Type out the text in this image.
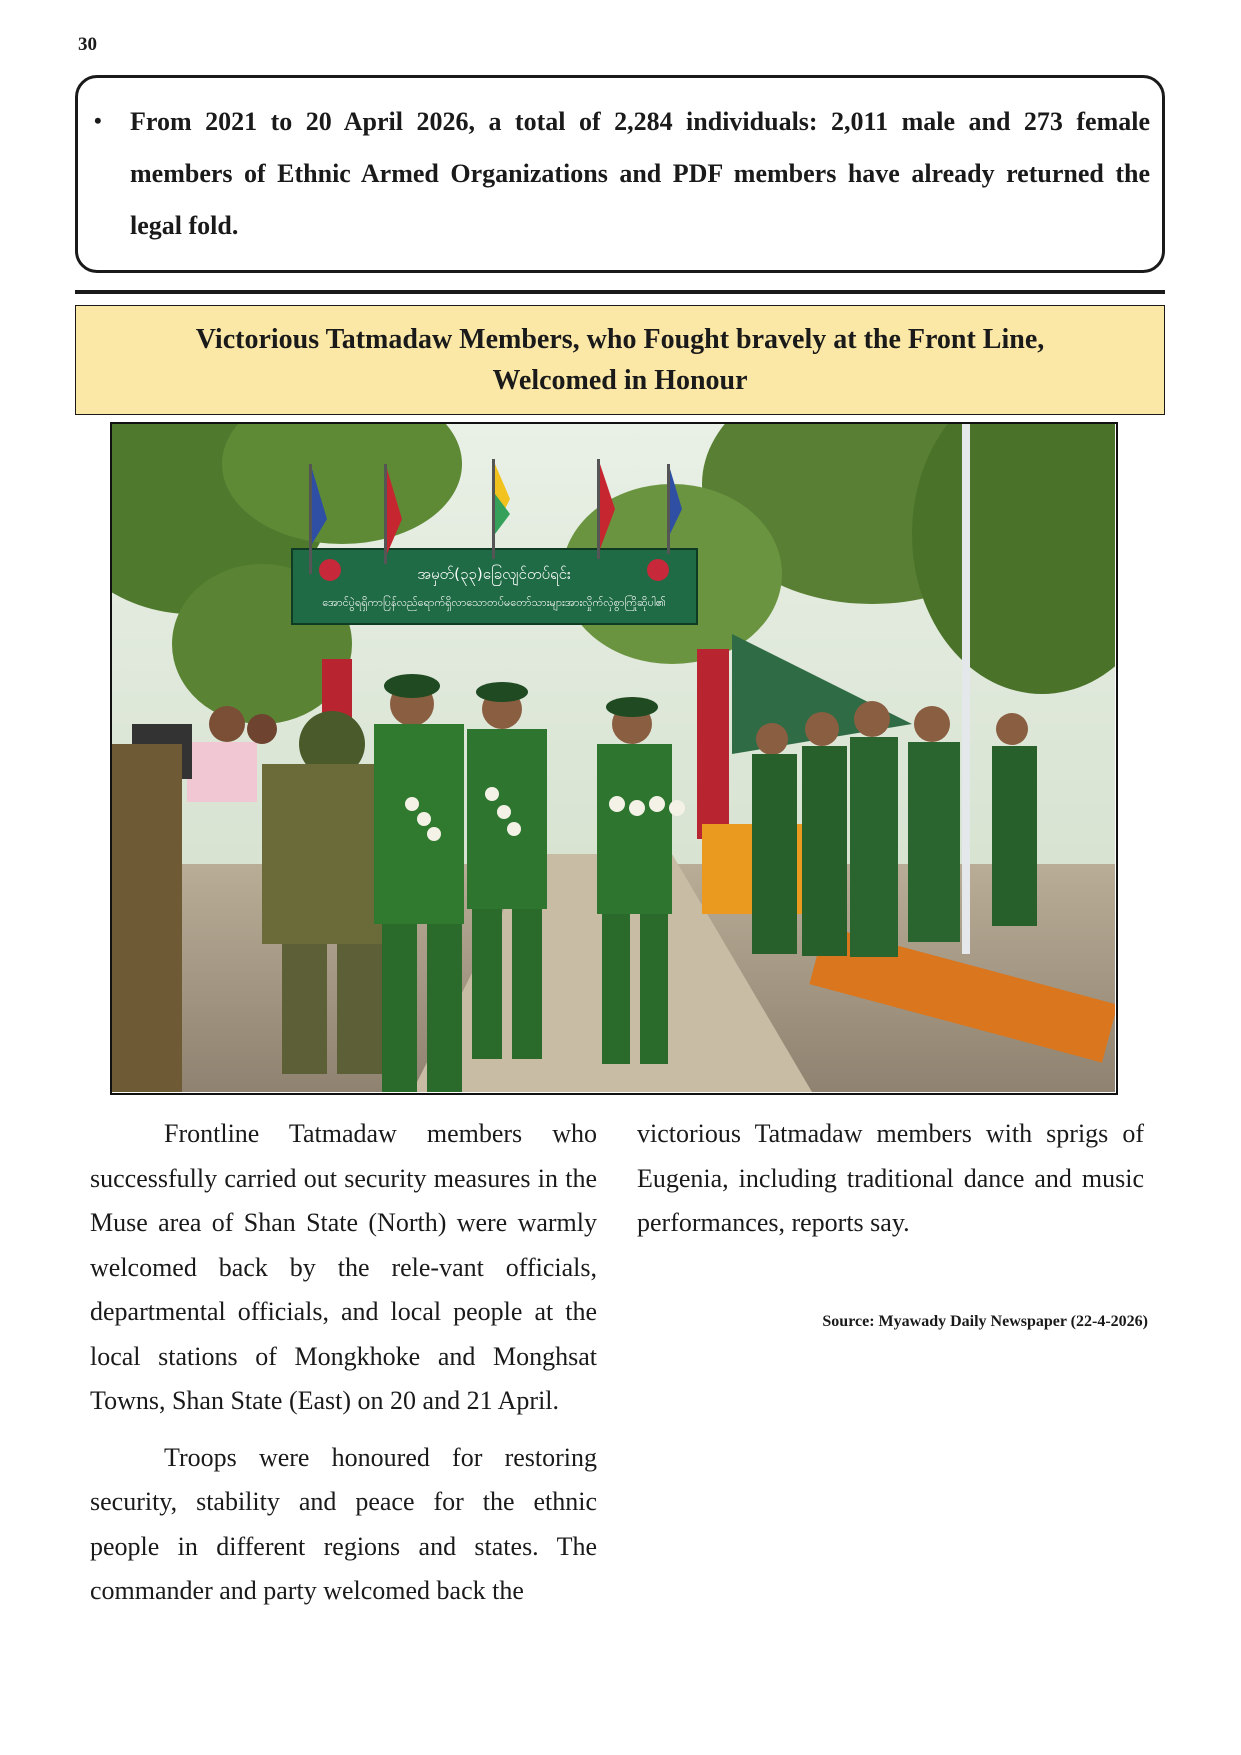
30
• From 2021 to 20 April 2026, a total of 2,284 individuals: 2,011 male and 273 female members of Ethnic Armed Organizations and PDF members have already returned the legal fold.

Victorious Tatmadaw Members, who Fought bravely at the Front Line,
Welcomed in Honour
အမှတ်(၃၃)ခြေလျင်တပ်ရင်း
အောင်ပွဲရရှိကာပြန်လည်ရောက်ရှိလာသောတပ်မတော်သားများအားလှိုက်လှဲစွာကြိုဆိုပါ၏

Frontline Tatmadaw members who successfully carried out security measures in the Muse area of Shan State (North) were warmly welcomed back by the rele-vant officials, departmental officials, and local people at the local stations of Mongkhoke and Monghsat Towns, Shan State (East) on 20 and 21 April.

Troops were honoured for restoring security, stability and peace for the ethnic people in different regions and states. The commander and party welcomed back the

victorious Tatmadaw members with sprigs of Eugenia, including traditional dance and music performances, reports say.

Source: Myawady Daily Newspaper (22-4-2026)
